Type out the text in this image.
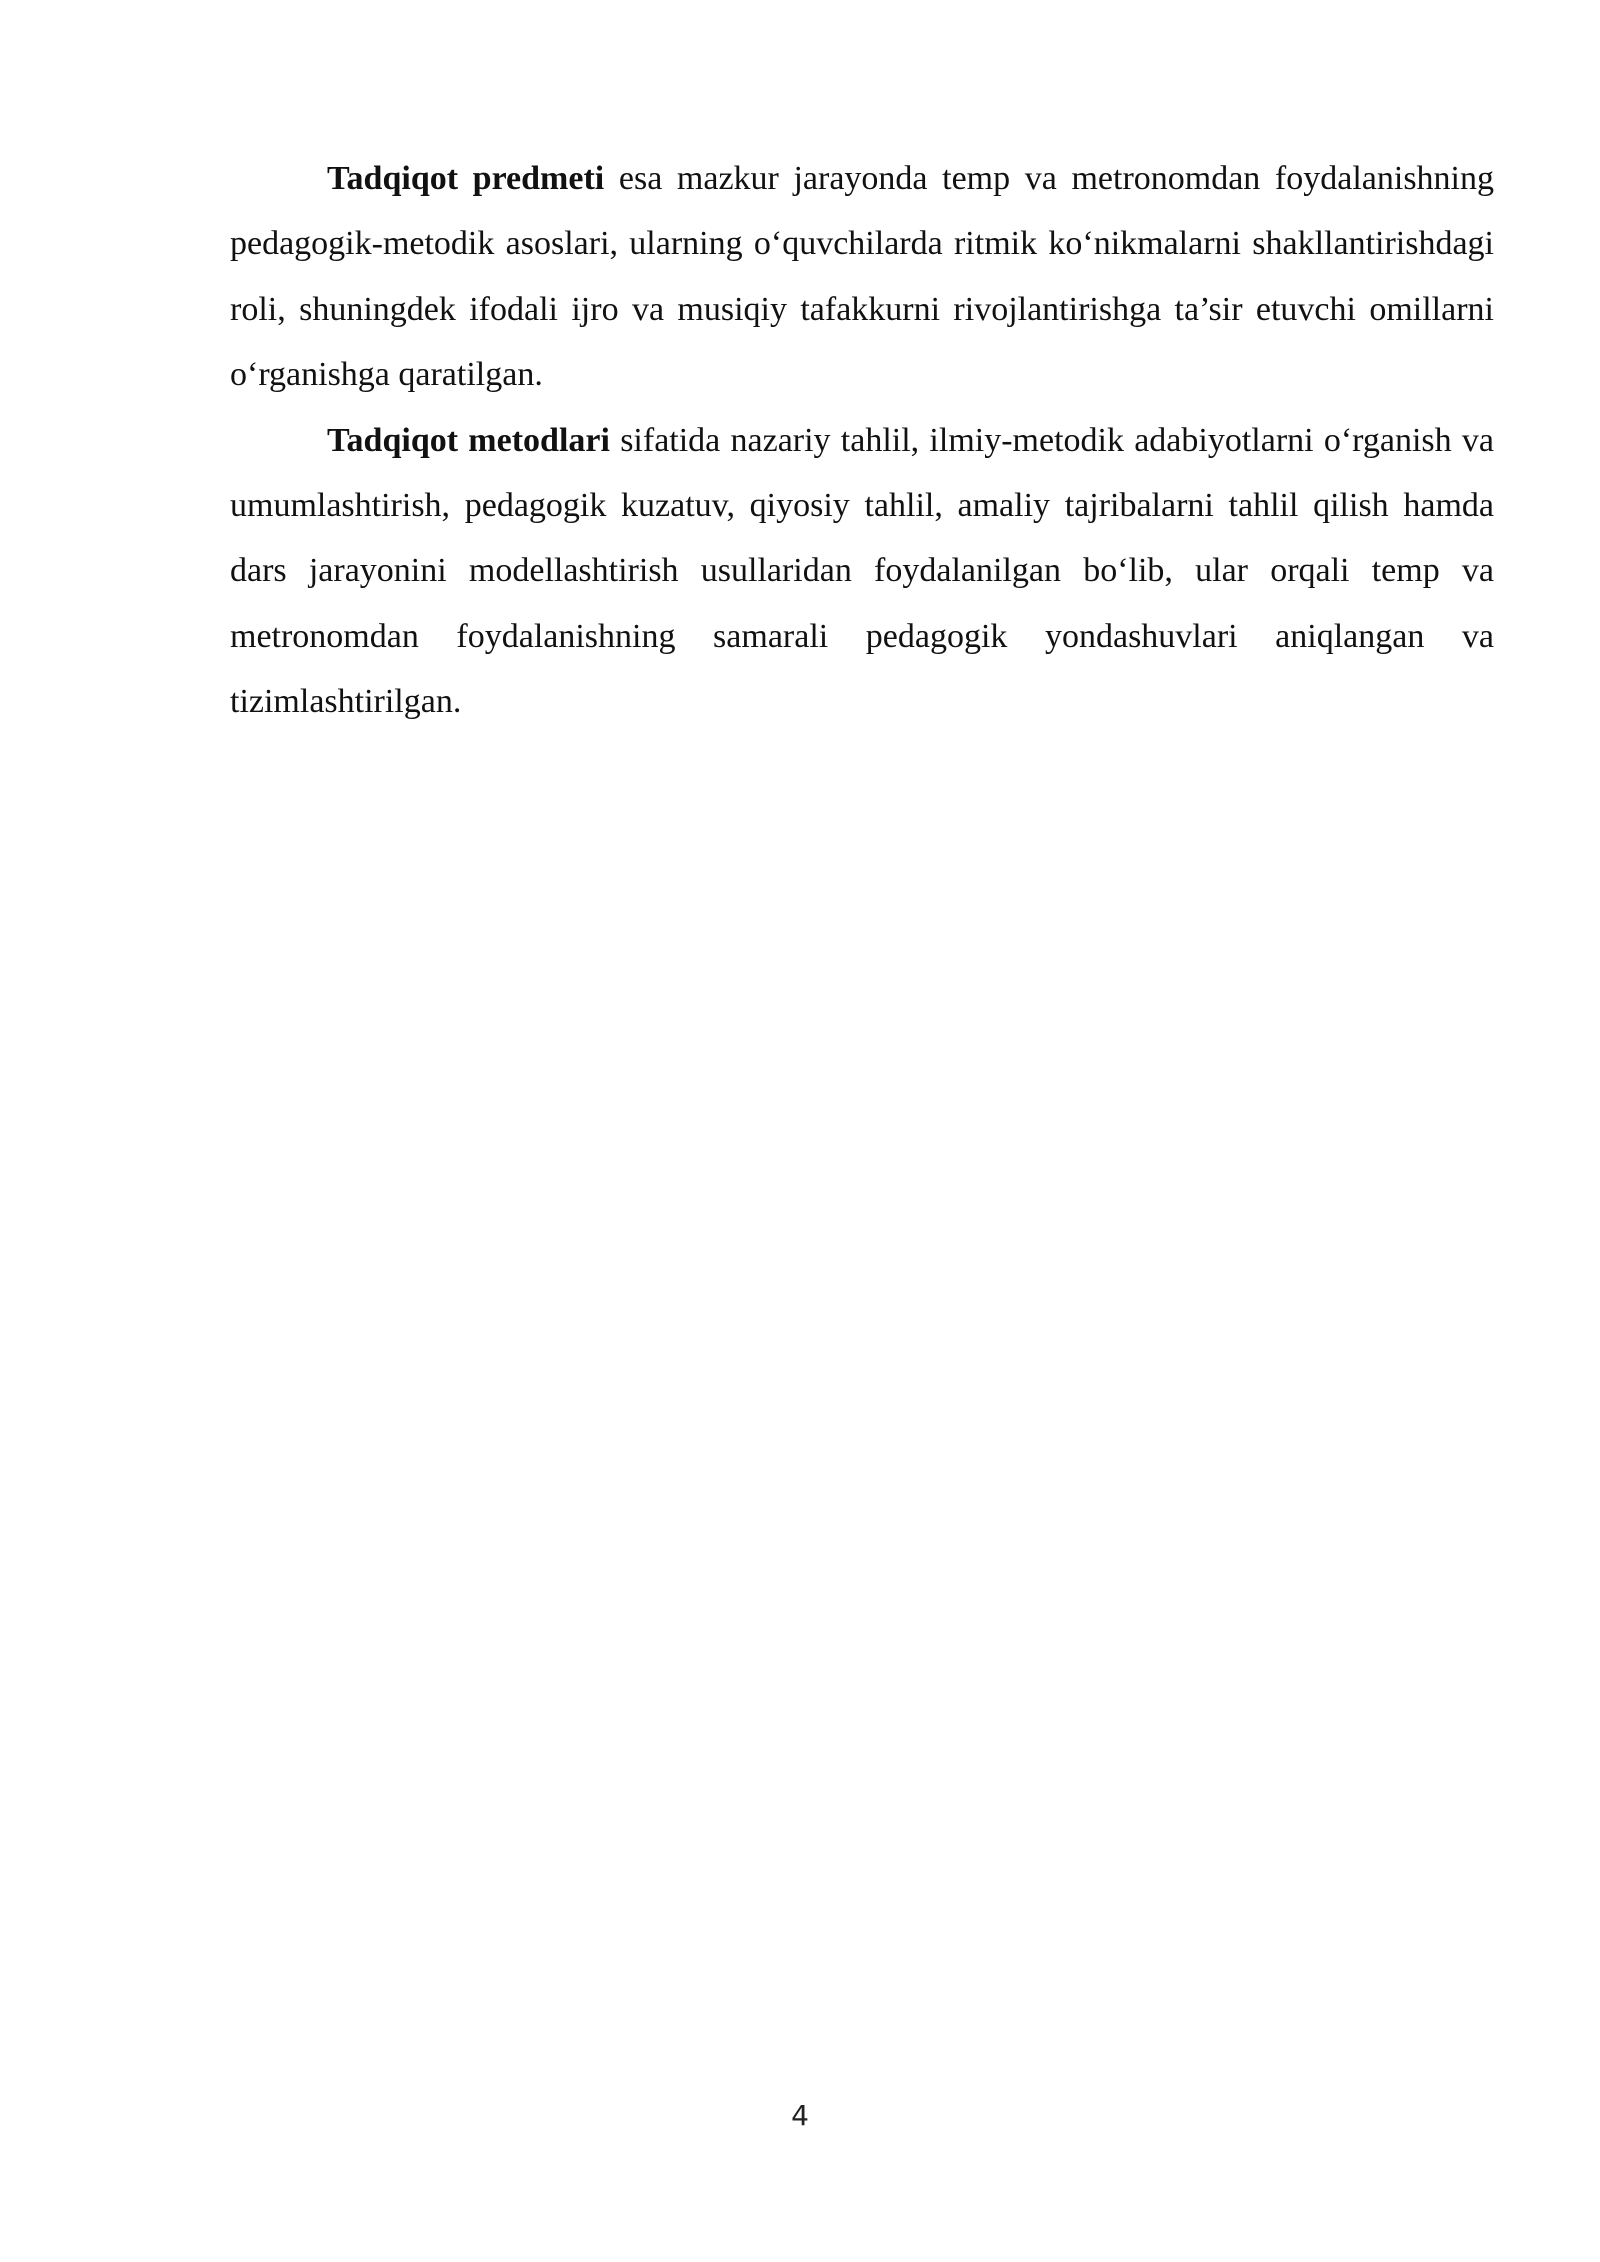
Tadqiqot predmeti esa mazkur jarayonda temp va metronomdan foydalanishning pedagogik-metodik asoslari, ularning o‘quvchilarda ritmik ko‘nikmalarni shakllantirishdagi roli, shuningdek ifodali ijro va musiqiy tafakkurni rivojlantirishga ta’sir etuvchi omillarni o‘rganishga qaratilgan.

Tadqiqot metodlari sifatida nazariy tahlil, ilmiy-metodik adabiyotlarni o‘rganish va umumlashtirish, pedagogik kuzatuv, qiyosiy tahlil, amaliy tajribalarni tahlil qilish hamda dars jarayonini modellashtirish usullaridan foydalanilgan bo‘lib, ular orqali temp va metronomdan foydalanishning samarali pedagogik yondashuvlari aniqlangan va tizimlashtirilgan.

4
